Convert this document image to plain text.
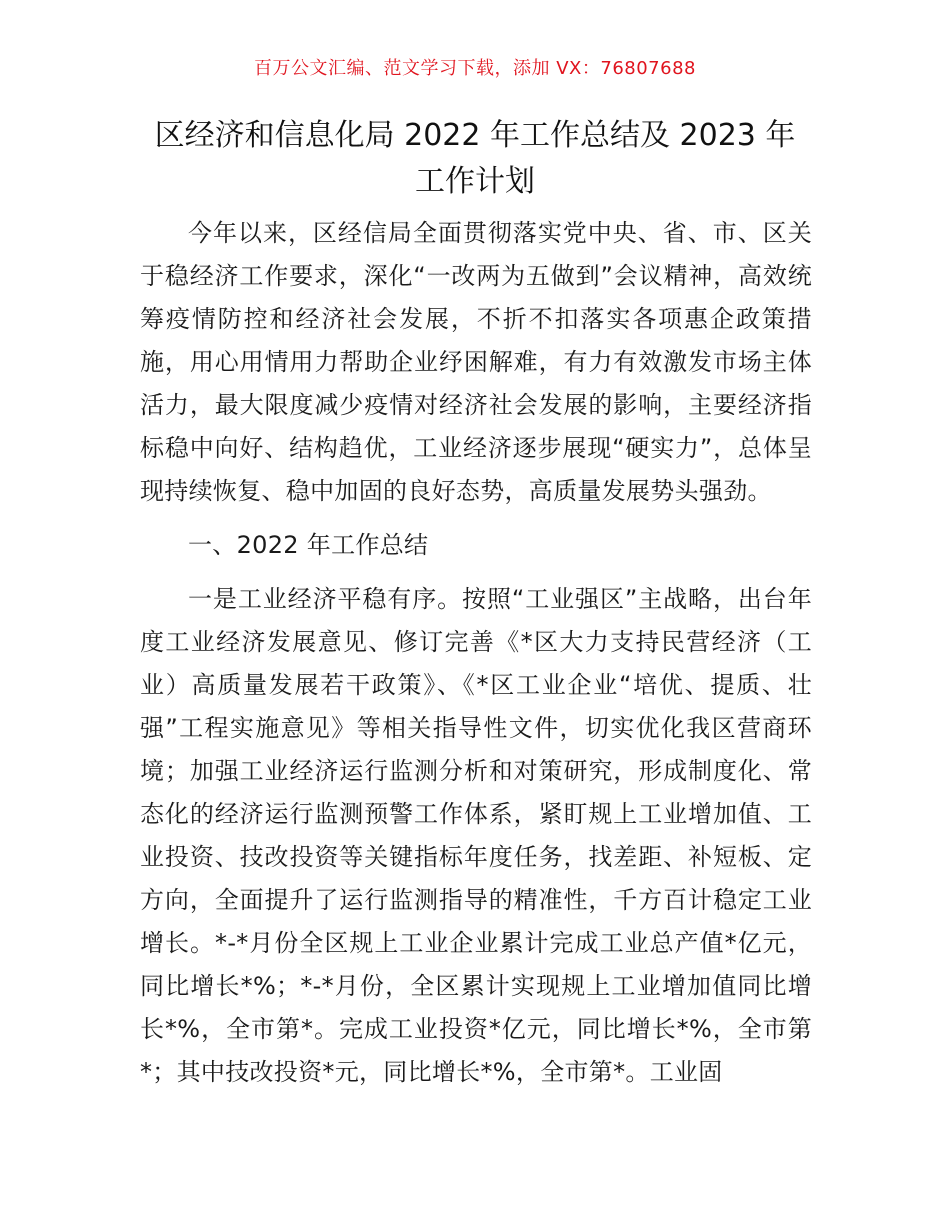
百万公文汇编、范文学习下载，添加 VX：76807688
区经济和信息化局 2022 年工作总结及 2023 年工作计划

今年以来，区经信局全面贯彻落实党中央、省、市、区关于稳经济工作要求，深化“一改两为五做到”会议精神，高效统筹疫情防控和经济社会发展，不折不扣落实各项惠企政策措施，用心用情用力帮助企业纾困解难，有力有效激发市场主体活力，最大限度减少疫情对经济社会发展的影响，主要经济指标稳中向好、结构趋优，工业经济逐步展现“硬实力”，总体呈现持续恢复、稳中加固的良好态势，高质量发展势头强劲。

一、2022 年工作总结

一是工业经济平稳有序。按照“工业强区”主战略，出台年度工业经济发展意见、修订完善《*区大力支持民营经济（工业）高质量发展若干政策》、《*区工业企业“培优、提质、壮强”工程实施意见》等相关指导性文件，切实优化我区营商环境；加强工业经济运行监测分析和对策研究，形成制度化、常态化的经济运行监测预警工作体系，紧盯规上工业增加值、工业投资、技改投资等关键指标年度任务，找差距、补短板、定方向，全面提升了运行监测指导的精准性，千方百计稳定工业增长。*-*月份全区规上工业企业累计完成工业总产值*亿元，同比增长*%；*-*月份，全区累计实现规上工业增加值同比增长*%，全市第*。完成工业投资*亿元，同比增长*%，全市第*；其中技改投资*元，同比增长*%，全市第*。工业固
